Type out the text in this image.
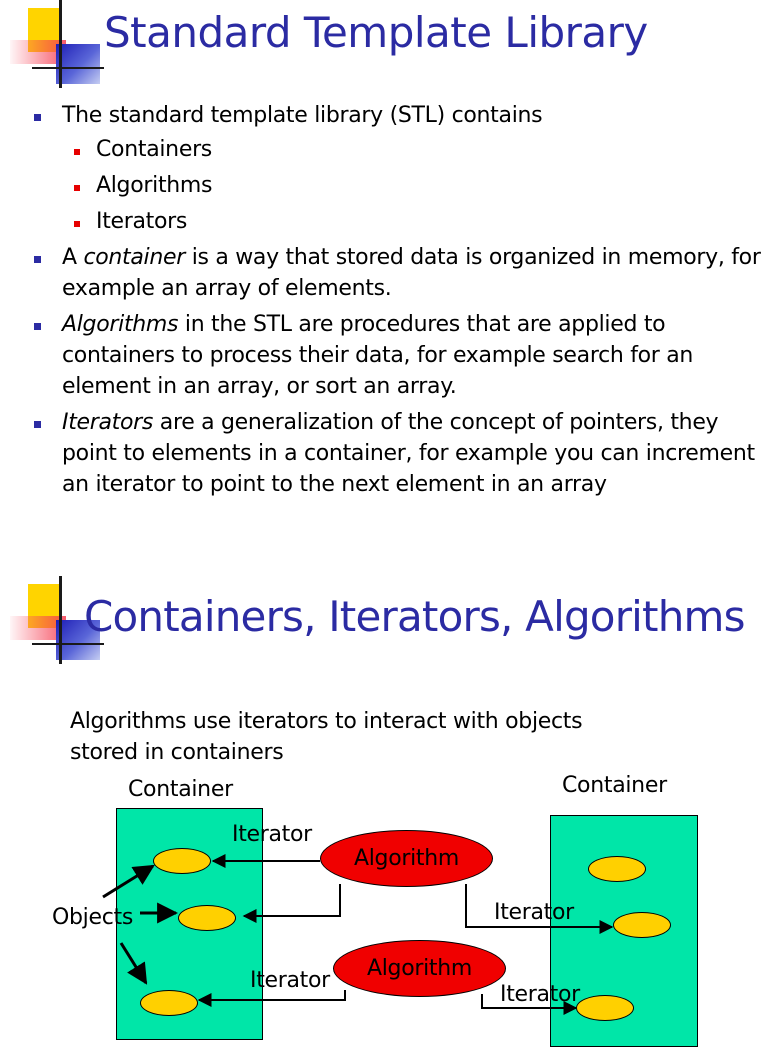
Standard Template Library
The standard template library (STL) contains
Containers
Algorithms
Iterators
A container is a way that stored data is organized in memory, for example an array of elements.
Algorithms in the STL are procedures that are applied to containers to process their data, for example search for an element in an array, or sort an array.
Iterators are a generalization of the concept of pointers, they point to elements in a container, for example you can increment an iterator to point to the next element in an array
Containers, Iterators, Algorithms
Algorithms use iterators to interact with objects
stored in containers
Container	Container
Algorithm
Algorithm
Iterator
Iterator
Iterator
Iterator
Objects
